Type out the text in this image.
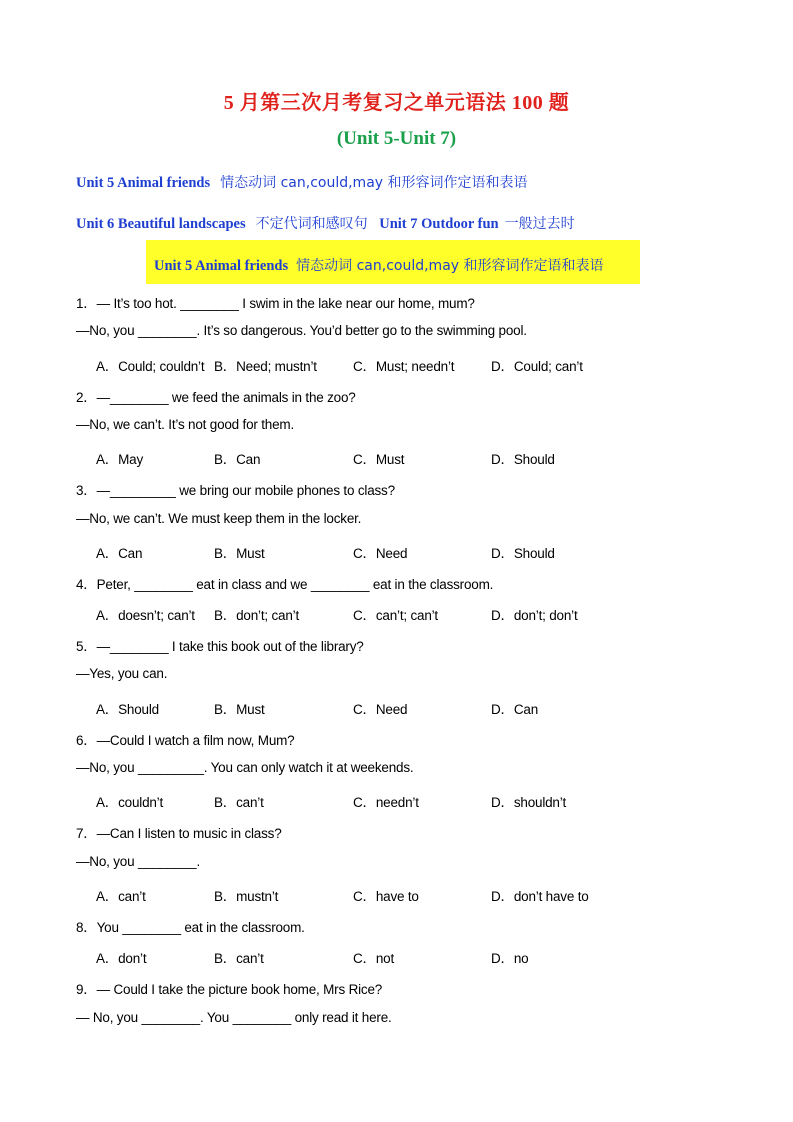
5 月第三次月考复习之单元语法 100 题
(Unit 5-Unit 7)
Unit 5 Animal friends 情态动词 can,could,may 和形容词作定语和表语
Unit 6 Beautiful landscapes 不定代词和感叹句 Unit 7 Outdoor fun 一般过去时
Unit 5 Animal friends 情态动词 can,could,may 和形容词作定语和表语
1．— It’s too hot. ________ I swim in the lake near our home, mum?
—No, you ________. It’s so dangerous. You’d better go to the swimming pool.
A．Could; couldn’t B．Need; mustn’t	C．Must; needn’t	D．Could; can’t
2．—________ we feed the animals in the zoo?
—No, we can’t. It’s not good for them.
A．May	B．Can	C．Must	D．Should
3．—_________ we bring our mobile phones to class?
—No, we can’t. We must keep them in the locker.
A．Can	B．Must	C．Need	D．Should
4．Peter, ________ eat in class and we ________ eat in the classroom.
A．doesn’t; can’t B．don’t; can’t	C．can’t; can’t	D．don’t; don’t
5．—________ I take this book out of the library?
—Yes, you can.
A．Should	B．Must	C．Need	D．Can
6．—Could I watch a film now, Mum?
—No, you _________. You can only watch it at weekends.
A．couldn’t	B．can’t	C．needn’t	D．shouldn’t
7．—Can I listen to music in class?
—No, you ________.
A．can’t	B．mustn’t	C．have to	D．don’t have to
8．You ________ eat in the classroom.
A．don’t	B．can’t	C．not	D．no
9．— Could I take the picture book home, Mrs Rice?
— No, you ________. You ________ only read it here.
